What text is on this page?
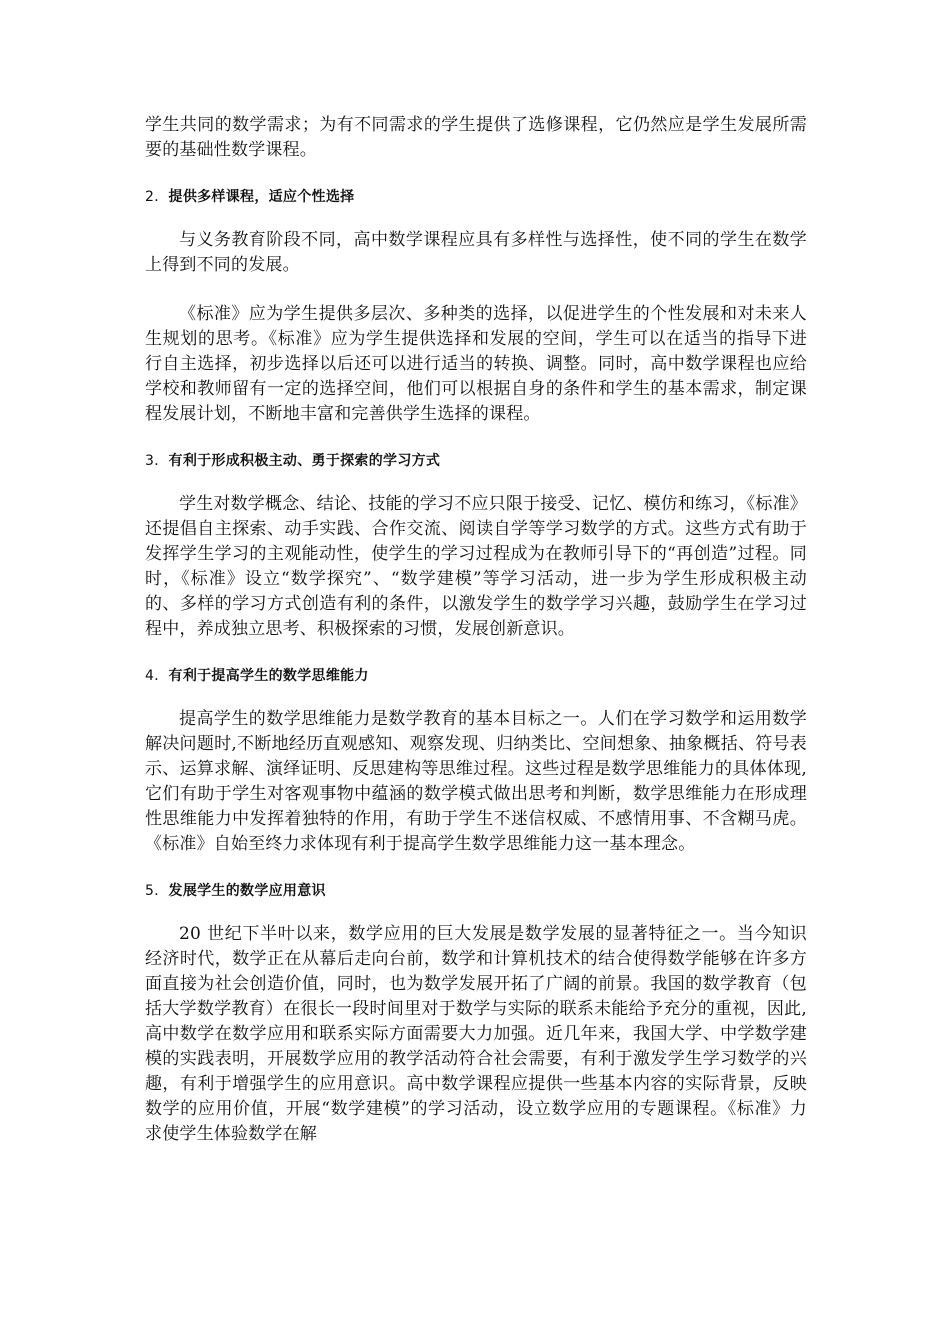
学生共同的数学需求；为有不同需求的学生提供了选修课程，它仍然应是学生发展所需要的基础性数学课程。

2．提供多样课程，适应个性选择

与义务教育阶段不同，高中数学课程应具有多样性与选择性，使不同的学生在数学上得到不同的发展。

《标准》应为学生提供多层次、多种类的选择，以促进学生的个性发展和对未来人生规划的思考。《标准》应为学生提供选择和发展的空间，学生可以在适当的指导下进行自主选择，初步选择以后还可以进行适当的转换、调整。同时，高中数学课程也应给学校和教师留有一定的选择空间，他们可以根据自身的条件和学生的基本需求，制定课程发展计划，不断地丰富和完善供学生选择的课程。

3．有利于形成积极主动、勇于探索的学习方式

学生对数学概念、结论、技能的学习不应只限于接受、记忆、模仿和练习，《标准》还提倡自主探索、动手实践、合作交流、阅读自学等学习数学的方式。这些方式有助于发挥学生学习的主观能动性，使学生的学习过程成为在教师引导下的“再创造”过程。同时，《标准》设立“数学探究”、“数学建模”等学习活动，进一步为学生形成积极主动的、多样的学习方式创造有利的条件，以激发学生的数学学习兴趣，鼓励学生在学习过程中，养成独立思考、积极探索的习惯，发展创新意识。

4．有利于提高学生的数学思维能力

提高学生的数学思维能力是数学教育的基本目标之一。人们在学习数学和运用数学解决问题时,不断地经历直观感知、观察发现、归纳类比、空间想象、抽象概括、符号表示、运算求解、演绎证明、反思建构等思维过程。这些过程是数学思维能力的具体体现,它们有助于学生对客观事物中蕴涵的数学模式做出思考和判断，数学思维能力在形成理性思维能力中发挥着独特的作用，有助于学生不迷信权威、不感情用事、不含糊马虎。《标准》自始至终力求体现有利于提高学生数学思维能力这一基本理念。

5．发展学生的数学应用意识

20 世纪下半叶以来，数学应用的巨大发展是数学发展的显著特征之一。当今知识经济时代，数学正在从幕后走向台前，数学和计算机技术的结合使得数学能够在许多方面直接为社会创造价值，同时，也为数学发展开拓了广阔的前景。我国的数学教育（包括大学数学教育）在很长一段时间里对于数学与实际的联系未能给予充分的重视，因此,高中数学在数学应用和联系实际方面需要大力加强。近几年来，我国大学、中学数学建模的实践表明，开展数学应用的教学活动符合社会需要，有利于激发学生学习数学的兴趣，有利于增强学生的应用意识。高中数学课程应提供一些基本内容的实际背景，反映数学的应用价值，开展“数学建模”的学习活动，设立数学应用的专题课程。《标准》力求使学生体验数学在解
